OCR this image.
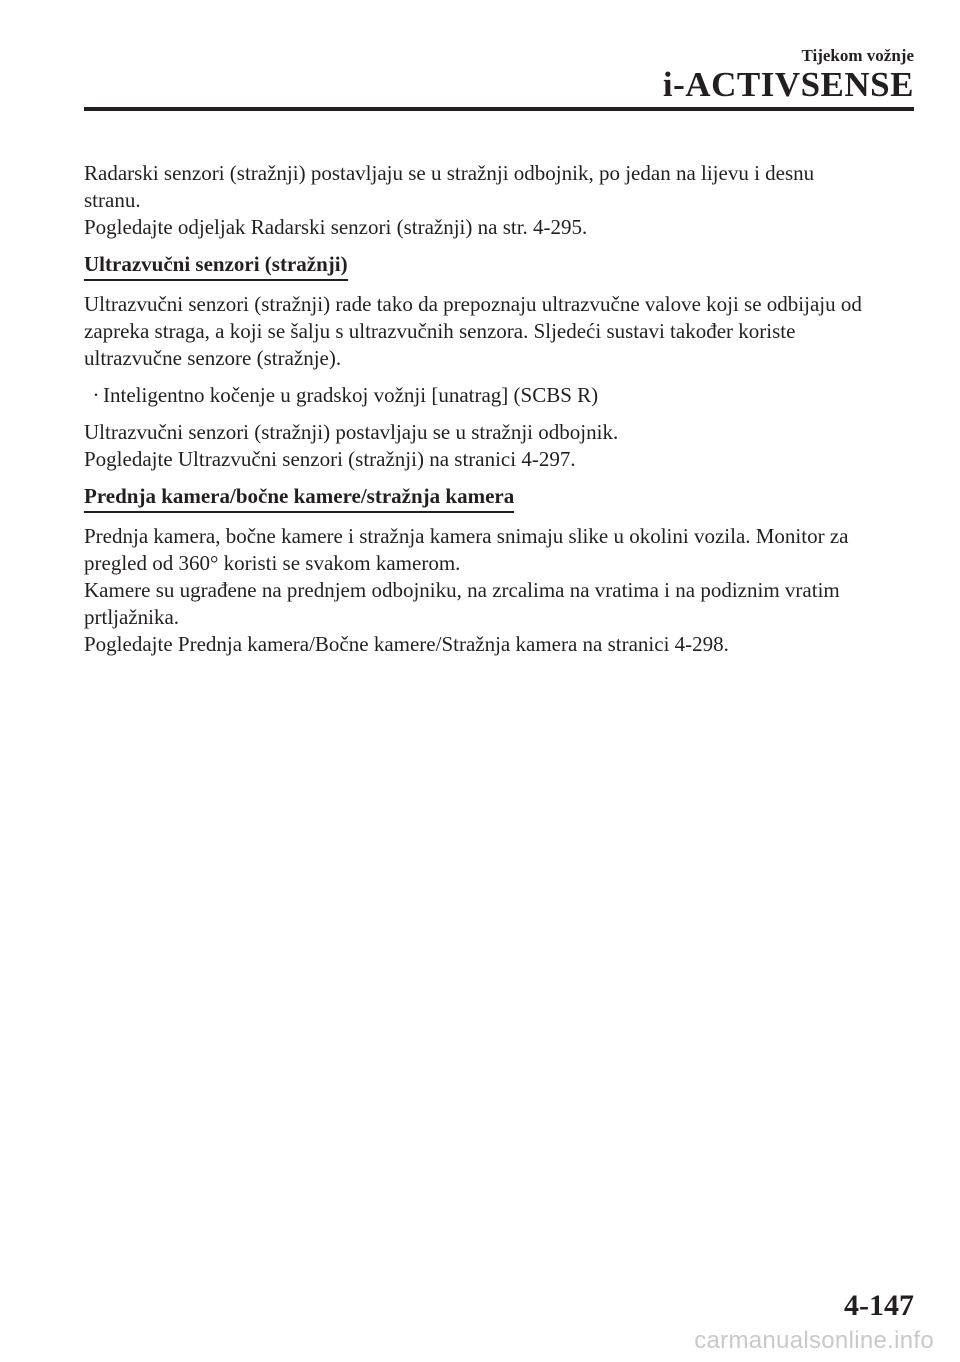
Tijekom vožnje
i-ACTIVSENSE

Radarski senzori (stražnji) postavljaju se u stražnji odbojnik, po jedan na lijevu i desnu

stranu.

Pogledajte odjeljak Radarski senzori (stražnji) na str. 4-295.

Ultrazvučni senzori (stražnji)

Ultrazvučni senzori (stražnji) rade tako da prepoznaju ultrazvučne valove koji se odbijaju od

zapreka straga, a koji se šalju s ultrazvučnih senzora. Sljedeći sustavi također koriste

ultrazvučne senzore (stražnje).

· Inteligentno kočenje u gradskoj vožnji [unatrag] (SCBS R)

Ultrazvučni senzori (stražnji) postavljaju se u stražnji odbojnik.

Pogledajte Ultrazvučni senzori (stražnji) na stranici 4-297.

Prednja kamera/bočne kamere/stražnja kamera

Prednja kamera, bočne kamere i stražnja kamera snimaju slike u okolini vozila. Monitor za

pregled od 360° koristi se svakom kamerom.

Kamere su ugrađene na prednjem odbojniku, na zrcalima na vratima i na podiznim vratim

prtljažnika.

Pogledajte Prednja kamera/Bočne kamere/Stražnja kamera na stranici 4-298.

4-147
carmanualsonline.info
